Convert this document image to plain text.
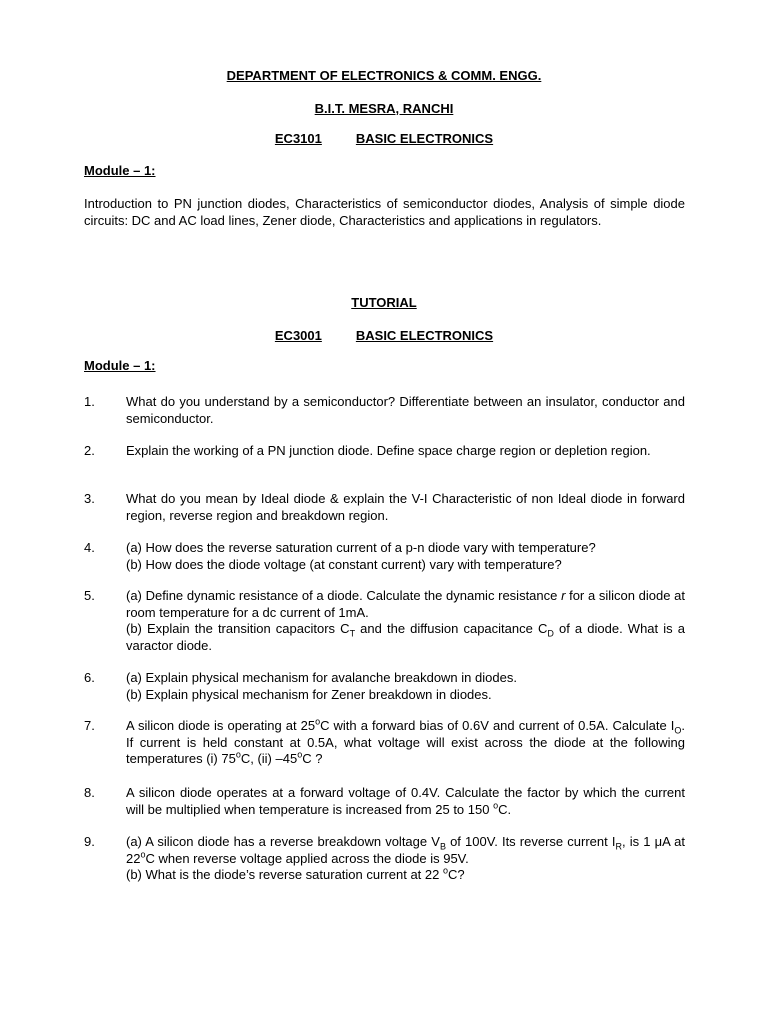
DEPARTMENT OF ELECTRONICS & COMM. ENGG.
B.I.T. MESRA, RANCHI
EC3101	BASIC ELECTRONICS
Module – 1:

Introduction to PN junction diodes, Characteristics of semiconductor diodes, Analysis of simple diode circuits: DC and AC load lines, Zener diode, Characteristics and applications in regulators.

TUTORIAL
EC3001	BASIC ELECTRONICS
Module – 1:
1. What do you understand by a semiconductor? Differentiate between an insulator, conductor and semiconductor.

2. Explain the working of a PN junction diode. Define space charge region or depletion region.

3. What do you mean by Ideal diode & explain the V-I Characteristic of non Ideal diode in forward region, reverse region and breakdown region.

4. (a) How does the reverse saturation current of a p-n diode vary with temperature?

(b) How does the diode voltage (at constant current) vary with temperature?

5. (a) Define dynamic resistance of a diode. Calculate the dynamic resistance r for a silicon diode at room temperature for a dc current of 1mA.

(b) Explain the transition capacitors $C_T$ and the diffusion capacitance $C_D$ of a diode. What is a varactor diode.

6. (a) Explain physical mechanism for avalanche breakdown in diodes.

(b) Explain physical mechanism for Zener breakdown in diodes.

7. A silicon diode is operating at 25$^o$C with a forward bias of 0.6V and current of 0.5A. Calculate $I_O$. If current is held constant at 0.5A, what voltage will exist across the diode at the following temperatures (i) 75$^o$C, (ii) –45$^o$C ?

8. A silicon diode operates at a forward voltage of 0.4V. Calculate the factor by which the current will be multiplied when temperature is increased from 25 to 150 $^o$C.

9. (a) A silicon diode has a reverse breakdown voltage $V_B$ of 100V. Its reverse current $I_R$, is 1 μA at 22$^o$C when reverse voltage applied across the diode is 95V.

(b) What is the diode’s reverse saturation current at 22 $^o$C?
